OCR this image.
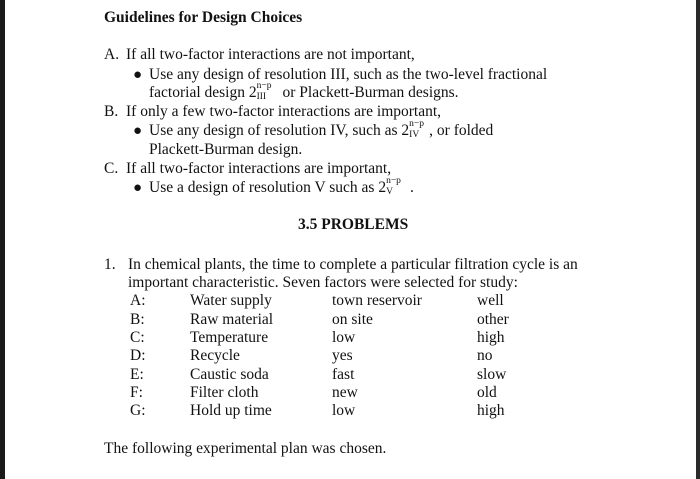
Guidelines for Design Choices
A. If all two-factor interactions are not important,
● Use any design of resolution III, such as the two-level fractional
factorial design 2 n−p
III or Plackett-Burman designs.
B. If only a few two-factor interactions are important,
● Use any design of resolution IV, such as 2 n−p
IV , or folded
Plackett-Burman design.
C. If all two-factor interactions are important,
● Use a design of resolution V such as 2 n−p
V .
3.5 PROBLEMS
1. In chemical plants, the time to complete a particular filtration cycle is an
important characteristic. Seven factors were selected for study:
A:	Water supply	town reservoir	well
B:	Raw material	on site	other
C:	Temperature	low	high
D:	Recycle	yes	no
E:	Caustic soda	fast	slow
F:	Filter cloth	new	old
G:	Hold up time	low	high
The following experimental plan was chosen.
